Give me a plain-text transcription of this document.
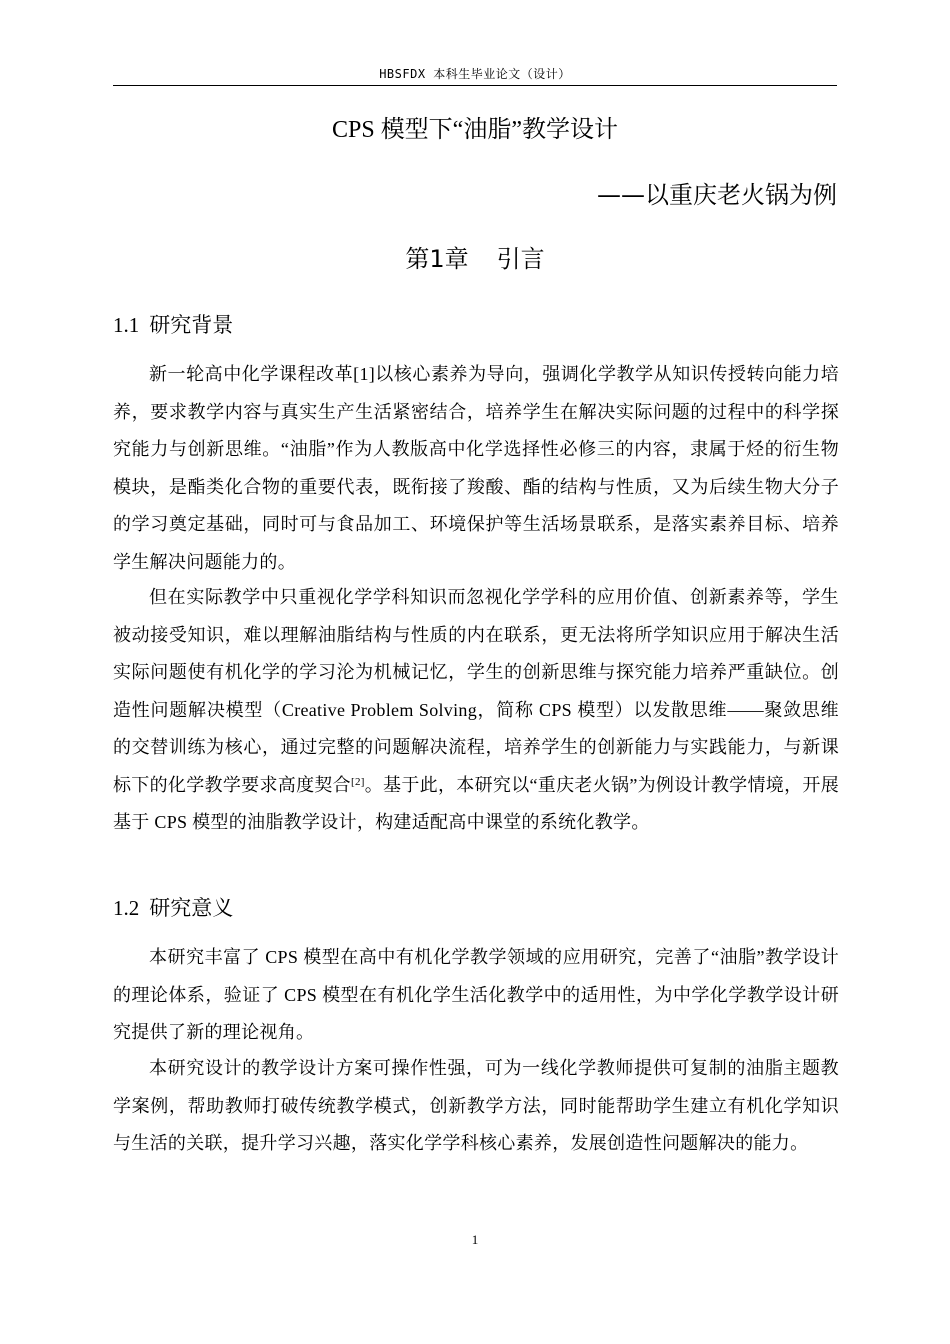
HBSFDX 本科生毕业论文（设计）
CPS 模型下“油脂”教学设计
——以重庆老火锅为例
第1章 引言
1.1 研究背景
新一轮高中化学课程改革[1]以核心素养为导向，强调化学教学从知识传授转向能力培养，要求教学内容与真实生产生活紧密结合，培养学生在解决实际问题的过程中的科学探究能力与创新思维。“油脂”作为人教版高中化学选择性必修三的内容，隶属于烃的衍生物模块，是酯类化合物的重要代表，既衔接了羧酸、酯的结构与性质，又为后续生物大分子的学习奠定基础，同时可与食品加工、环境保护等生活场景联系，是落实素养目标、培养学生解决问题能力的。
但在实际教学中只重视化学学科知识而忽视化学学科的应用价值、创新素养等，学生被动接受知识，难以理解油脂结构与性质的内在联系，更无法将所学知识应用于解决生活实际问题使有机化学的学习沦为机械记忆，学生的创新思维与探究能力培养严重缺位。创造性问题解决模型（Creative Problem Solving，简称 CPS 模型）以发散思维——聚敛思维的交替训练为核心，通过完整的问题解决流程，培养学生的创新能力与实践能力，与新课标下的化学教学要求高度契合[2]。基于此，本研究以“重庆老火锅”为例设计教学情境，开展基于 CPS 模型的油脂教学设计，构建适配高中课堂的系统化教学。
1.2 研究意义
本研究丰富了 CPS 模型在高中有机化学教学领域的应用研究，完善了“油脂”教学设计的理论体系，验证了 CPS 模型在有机化学生活化教学中的适用性，为中学化学教学设计研究提供了新的理论视角。
本研究设计的教学设计方案可操作性强，可为一线化学教师提供可复制的油脂主题教学案例，帮助教师打破传统教学模式，创新教学方法，同时能帮助学生建立有机化学知识与生活的关联，提升学习兴趣，落实化学学科核心素养，发展创造性问题解决的能力。
1
